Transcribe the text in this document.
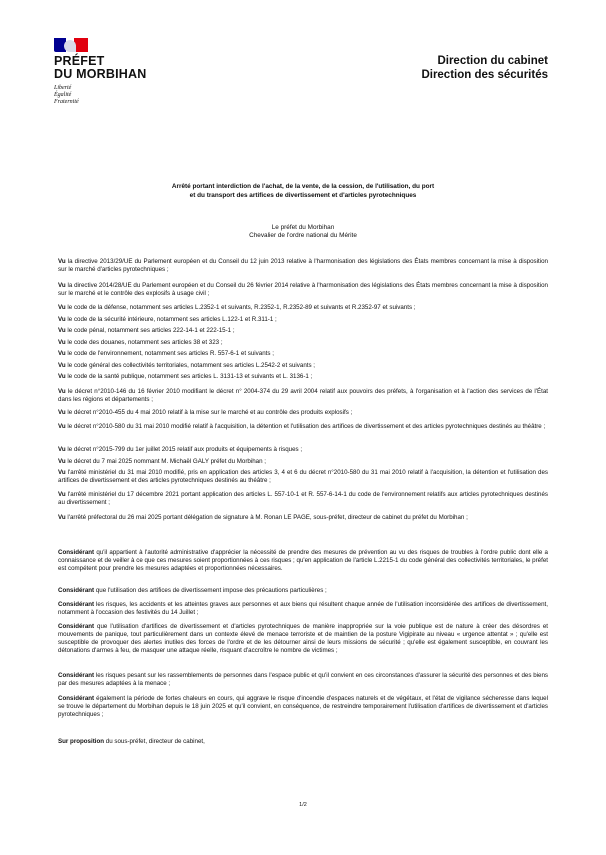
PRÉFET
DU MORBIHAN
Liberté
Égalité
Fraternité
Direction du cabinet
Direction des sécurités
Arrêté portant interdiction de l'achat, de la vente, de la cession, de l'utilisation, du port
et du transport des artifices de divertissement et d'articles pyrotechniques
Le préfet du Morbihan
Chevalier de l'ordre national du Mérite
Vu la directive 2013/29/UE du Parlement européen et du Conseil du 12 juin 2013 relative à l'harmonisation des législations des États membres concernant la mise à disposition sur le marché d'articles pyrotechniques ;
Vu la directive 2014/28/UE du Parlement européen et du Conseil du 26 février 2014 relative à l'harmonisation des législations des États membres concernant la mise à disposition sur le marché et le contrôle des explosifs à usage civil ;
Vu le code de la défense, notamment ses articles L.2352-1 et suivants, R.2352-1, R.2352-89 et suivants et R.2352-97 et suivants ;
Vu le code de la sécurité intérieure, notamment ses articles L.122-1 et R.311-1 ;
Vu le code pénal, notamment ses articles 222-14-1 et 222-15-1 ;
Vu le code des douanes, notamment ses articles 38 et 323 ;
Vu le code de l'environnement, notamment ses articles R. 557-6-1 et suivants ;
Vu le code général des collectivités territoriales, notamment ses articles L.2542-2 et suivants ;
Vu le code de la santé publique, notamment ses articles L. 3131-13 et suivants et L. 3136-1 ;
Vu le décret n°2010-146 du 16 février 2010 modifiant le décret n° 2004-374 du 29 avril 2004 relatif aux pouvoirs des préfets, à l'organisation et à l'action des services de l'État dans les régions et départements ;
Vu le décret n°2010-455 du 4 mai 2010 relatif à la mise sur le marché et au contrôle des produits explosifs ;
Vu le décret n°2010-580 du 31 mai 2010 modifié relatif à l'acquisition, la détention et l'utilisation des artifices de divertissement et des articles pyrotechniques destinés au théâtre ;
Vu le décret n°2015-799 du 1er juillet 2015 relatif aux produits et équipements à risques ;
Vu le décret du 7 mai 2025 nommant M. Michaël GALY préfet du Morbihan ;
Vu l'arrêté ministériel du 31 mai 2010 modifié, pris en application des articles 3, 4 et 6 du décret n°2010-580 du 31 mai 2010 relatif à l'acquisition, la détention et l'utilisation des artifices de divertissement et des articles pyrotechniques destinés au théâtre ;
Vu l'arrêté ministériel du 17 décembre 2021 portant application des articles L. 557-10-1 et R. 557-6-14-1 du code de l'environnement relatifs aux articles pyrotechniques destinés au divertissement ;
Vu l'arrêté préfectoral du 26 mai 2025 portant délégation de signature à M. Ronan LE PAGE, sous-préfet, directeur de cabinet du préfet du Morbihan ;
Considérant qu'il appartient à l'autorité administrative d'apprécier la nécessité de prendre des mesures de prévention au vu des risques de troubles à l'ordre public dont elle a connaissance et de veiller à ce que ces mesures soient proportionnées à ces risques ; qu'en application de l'article L.2215-1 du code général des collectivités territoriales, le préfet est compétent pour prendre les mesures adaptées et proportionnées nécessaires.
Considérant que l'utilisation des artifices de divertissement impose des précautions particulières ;
Considérant les risques, les accidents et les atteintes graves aux personnes et aux biens qui résultent chaque année de l'utilisation inconsidérée des artifices de divertissement, notamment à l'occasion des festivités du 14 Juillet ;
Considérant que l'utilisation d'artifices de divertissement et d'articles pyrotechniques de manière inappropriée sur la voie publique est de nature à créer des désordres et mouvements de panique, tout particulièrement dans un contexte élevé de menace terroriste et de maintien de la posture Vigipirate au niveau « urgence attentat » ; qu'elle est susceptible de provoquer des alertes inutiles des forces de l'ordre et de les détourner ainsi de leurs missions de sécurité ; qu'elle est également susceptible, en couvrant les détonations d'armes à feu, de masquer une attaque réelle, risquant d'accroître le nombre de victimes ;
Considérant les risques pesant sur les rassemblements de personnes dans l'espace public et qu'il convient en ces circonstances d'assurer la sécurité des personnes et des biens par des mesures adaptées à la menace ;
Considérant également la période de fortes chaleurs en cours, qui aggrave le risque d'incendie d'espaces naturels et de végétaux, et l'état de vigilance sécheresse dans lequel se trouve le département du Morbihan depuis le 18 juin 2025 et qu'il convient, en conséquence, de restreindre temporairement l'utilisation d'artifices de divertissement et d'articles pyrotechniques ;
Sur proposition du sous-préfet, directeur de cabinet,
1/2
